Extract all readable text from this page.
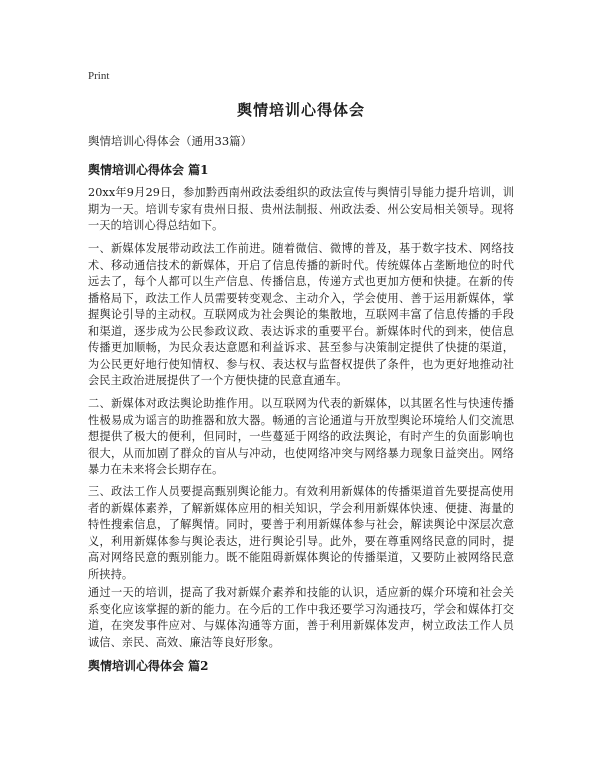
Print
舆情培训心得体会
舆情培训心得体会（通用33篇）
舆情培训心得体会 篇1
20xx年9月29日，参加黔西南州政法委组织的政法宣传与舆情引导能力提升培训，训期为一天。培训专家有贵州日报、贵州法制报、州政法委、州公安局相关领导。现将一天的培训心得总结如下。
一、新媒体发展带动政法工作前进。随着微信、微博的普及，基于数字技术、网络技术、移动通信技术的新媒体，开启了信息传播的新时代。传统媒体占垄断地位的时代远去了，每个人都可以生产信息、传播信息，传递方式也更加方便和快捷。在新的传播格局下，政法工作人员需要转变观念、主动介入，学会使用、善于运用新媒体，掌握舆论引导的主动权。互联网成为社会舆论的集散地，互联网丰富了信息传播的手段和渠道，逐步成为公民参政议政、表达诉求的重要平台。新媒体时代的到来，使信息传播更加顺畅，为民众表达意愿和利益诉求、甚至参与决策制定提供了快捷的渠道，为公民更好地行使知情权、参与权、表达权与监督权提供了条件，也为更好地推动社会民主政治进展提供了一个方便快捷的民意直通车。
二、新媒体对政法舆论助推作用。以互联网为代表的新媒体，以其匿名性与快速传播性极易成为谣言的助推器和放大器。畅通的言论通道与开放型舆论环境给人们交流思想提供了极大的便利，但同时，一些蔓延于网络的政法舆论，有时产生的负面影响也很大，从而加剧了群众的盲从与冲动，也使网络冲突与网络暴力现象日益突出。网络暴力在未来将会长期存在。
三、政法工作人员要提高甄别舆论能力。有效利用新媒体的传播渠道首先要提高使用者的新媒体素养，了解新媒体应用的相关知识，学会利用新媒体快速、便捷、海量的特性搜索信息，了解舆情。同时，要善于利用新媒体参与社会，解读舆论中深层次意义，利用新媒体参与舆论表达，进行舆论引导。此外，要在尊重网络民意的同时，提高对网络民意的甄别能力。既不能阻碍新媒体舆论的传播渠道，又要防止被网络民意所挟持。
通过一天的培训，提高了我对新媒介素养和技能的认识，适应新的媒介环境和社会关系变化应该掌握的新的能力。在今后的工作中我还要学习沟通技巧，学会和媒体打交道，在突发事件应对、与媒体沟通等方面，善于利用新媒体发声，树立政法工作人员诚信、亲民、高效、廉洁等良好形象。
舆情培训心得体会 篇2
